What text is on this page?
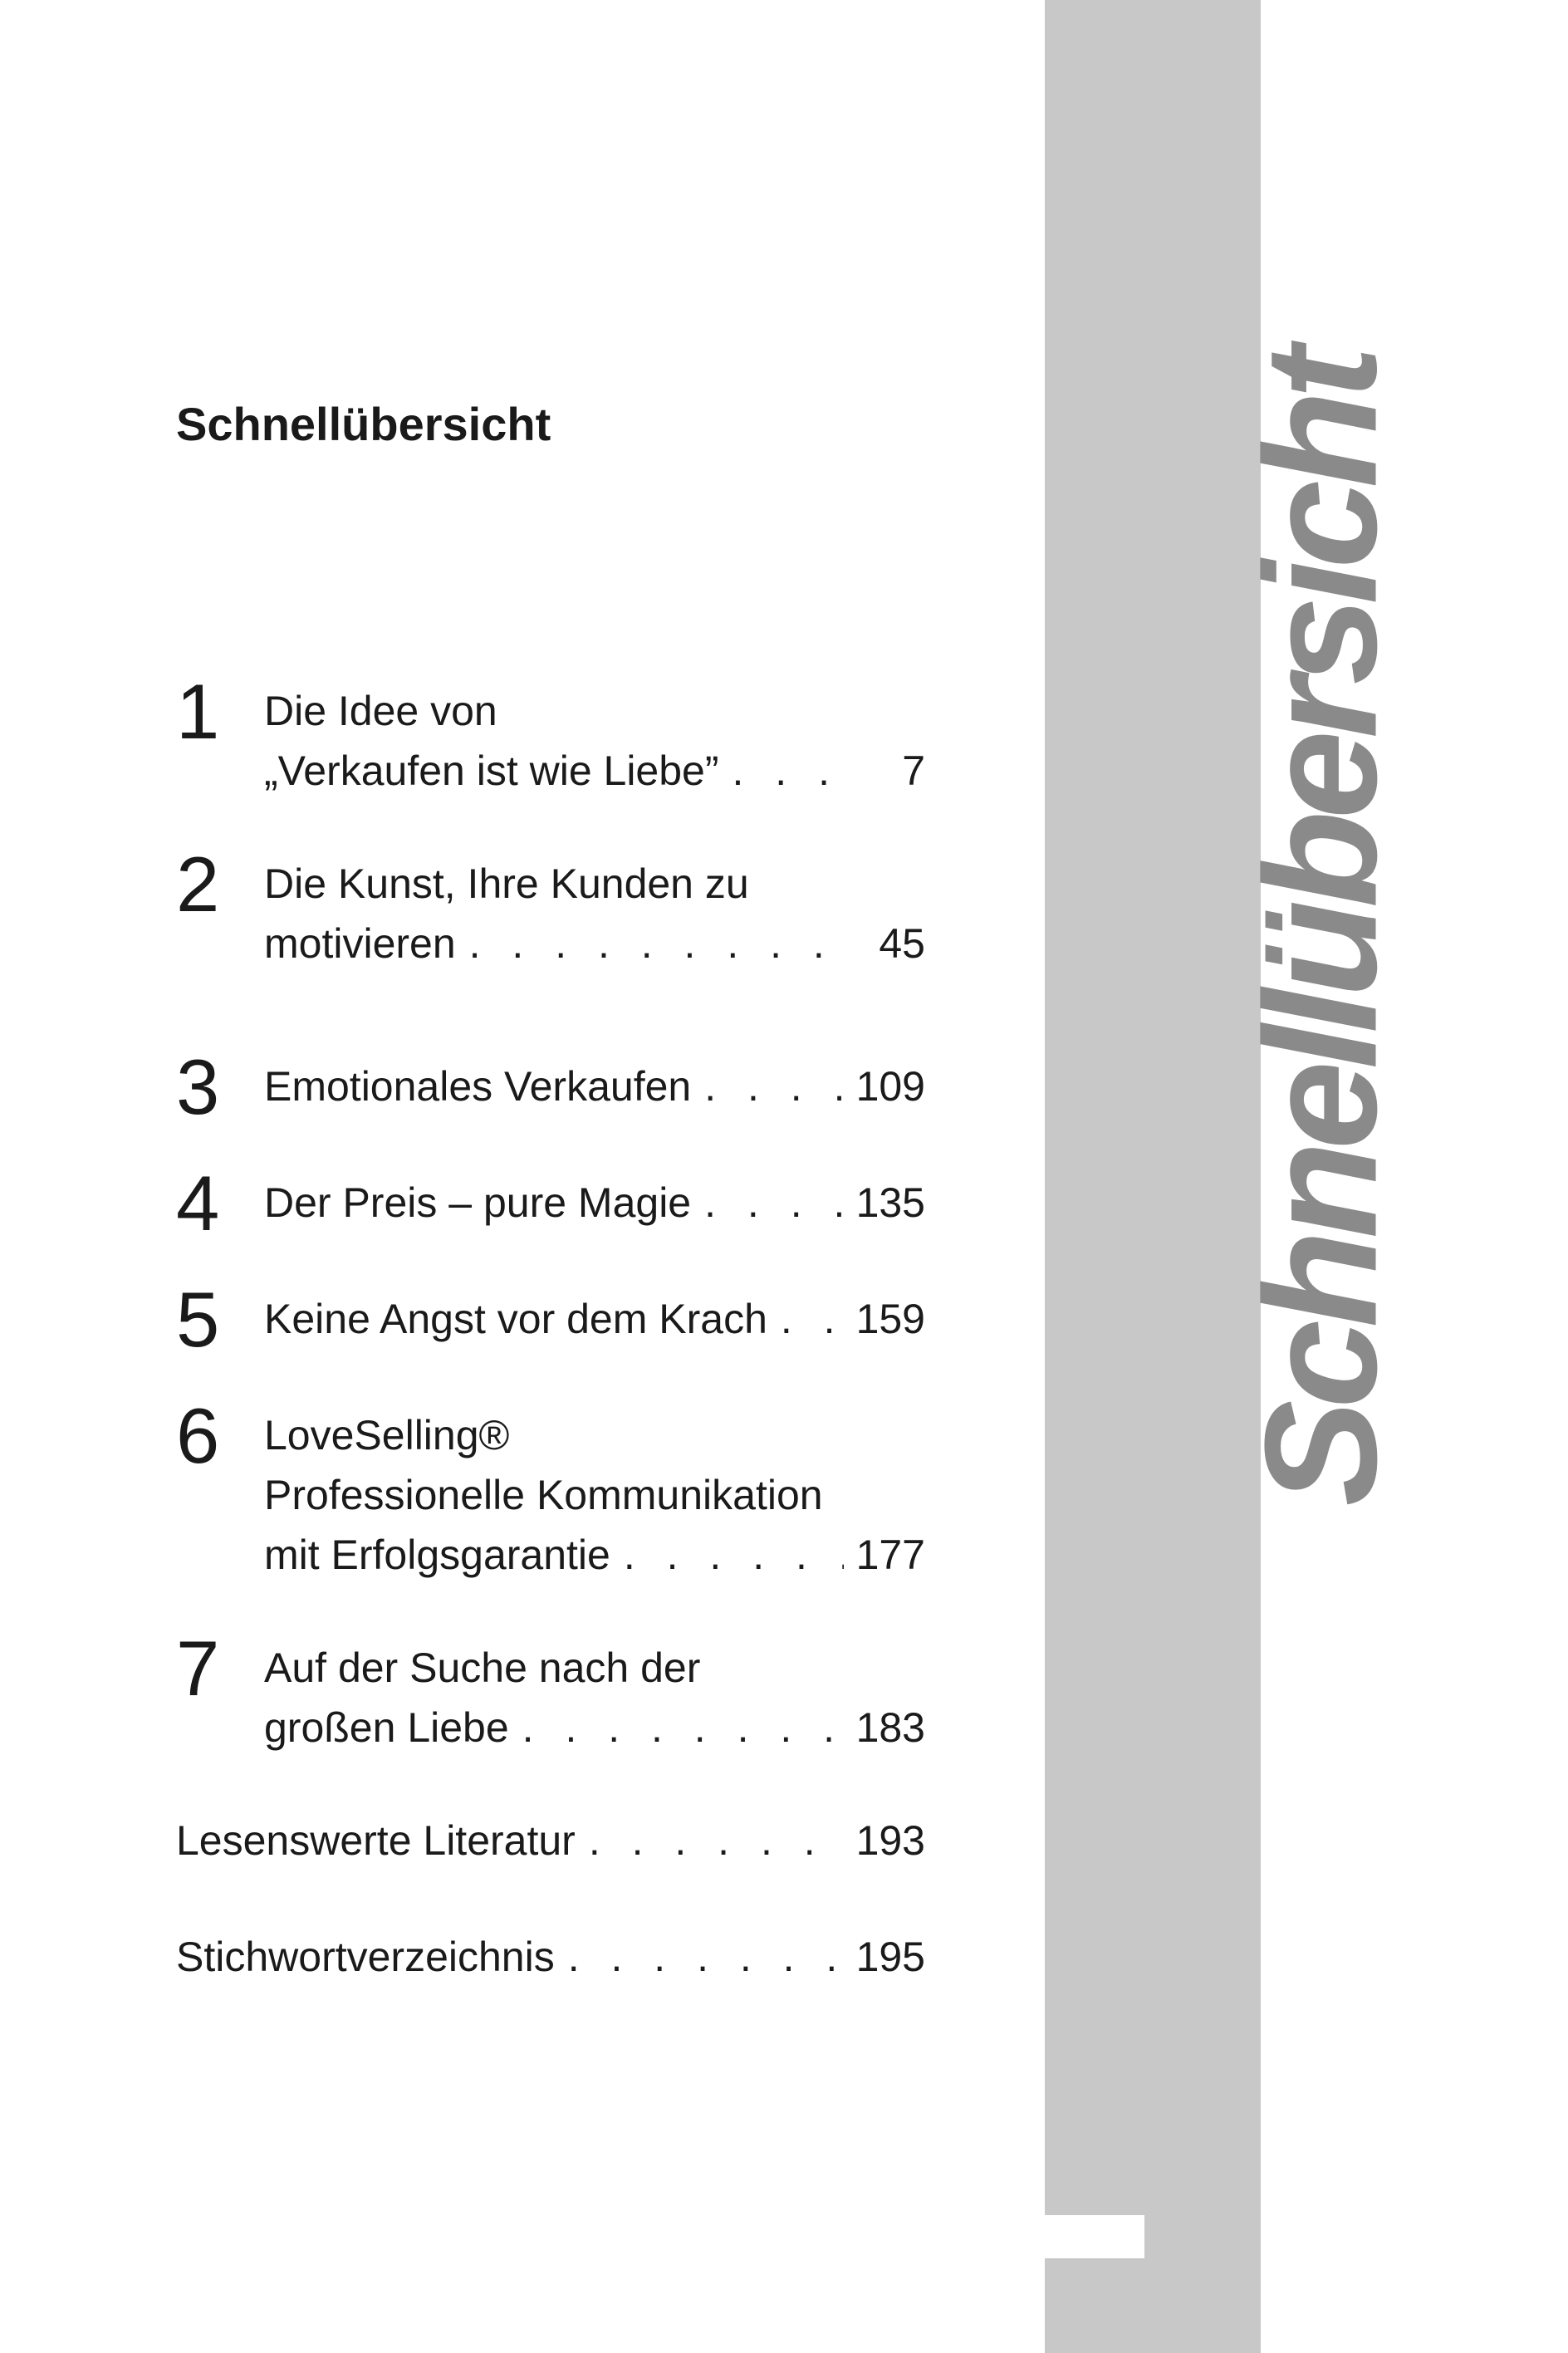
Schnellübersicht
Schnellübersicht
1 Die Idee von
„Verkaufen ist wie Liebe” . . .	7
2 Die Kunst, Ihre Kunden zu
motivieren . . .	45
3 Emotionales Verkaufen . . .	109
4 Der Preis – pure Magie . . .	135
5 Keine Angst vor dem Krach . . . 159
6 LoveSelling®
Professionelle Kommunikation
mit Erfolgsgarantie . . .	177
7 Auf der Suche nach der
großen Liebe . . .	183
Lesenswerte Literatur . . .	193
Stichwortverzeichnis . . .	195
